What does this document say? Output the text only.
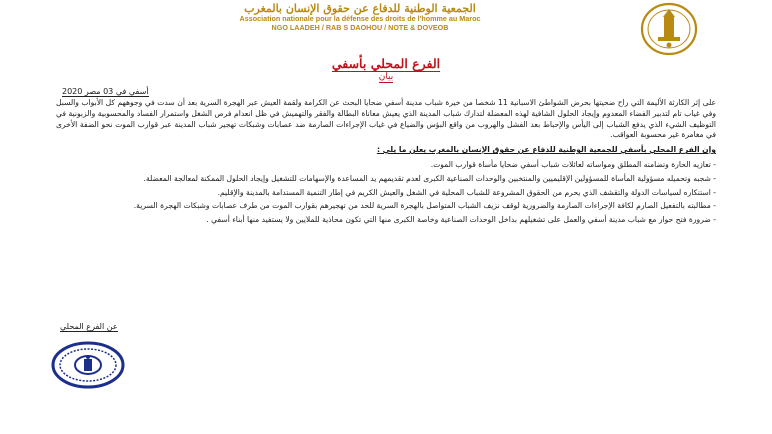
الجمعية الوطنية للدفاع عن حقوق الإنسان بالمغرب
Association nationale pour la défense des droits de l'homme au Maroc
NGO LAADEH / RAB S DAOHOU / NOTE & DOVEOB
الفرع المحلي بأسفي
بيان
أسفي في 03 مصر 2020

على إثر الكارثة الأليمة التي راح ضحيتها بحرض الشواطئ الاسبانية 11 شخصا من خيرة شباب مدينة أسفي ضحايا البحث عن الكرامة ولقمة العيش عبر الهجرة السرية بعد أن سدت في وجوههم كل الأبواب والسبل وفي غياب تام لتدبير الفضاء المعدوم وإيجاد الحلول الشافية لهذه المعضلة لتدارك شباب المدينة الذي يعيش معاناة البطالة والفقر والتهميش في ظل انعدام فرص الشغل واستمرار الفساد والمحسوبية والزبونية في التوظيف الشيء الذي يدفع الشباب إلى اليأس والإحباط بعد الفشل والهروب من واقع البؤس والضياع في غياب الإجراءات الصارمة ضد عصابات وشبكات تهجير شباب المدينة عبر قوارب الموت نحو الضفة الأخرى في مغامرة غير محسوبة العواقب.

وإن الفرع المحلي بأسفي للجمعية الوطنية للدفاع عن حقوق الإنسان بالمغرب يعلن ما يلي :

- تعازيه الحارة وتضامنه المطلق ومواساته لعائلات شباب أسفي ضحايا مأساة قوارب الموت.

- شجبه وتحميله مسؤولية المأساة للمسؤولين الإقليميين والمنتخبين والوحدات الصناعية الكبرى لعدم تقديمهم يد المساعدة والإسهامات للتشغيل وإيجاد الحلول الممكنة لمعالجة المعضلة.

- استنكاره لسياسات الدولة والتقشف الذي يحرم من الحقوق المشروعة للشباب المحلية في الشغل والعيش الكريم في إطار التنمية المستدامة بالمدينة والإقليم.

- مطالبته بالتفعيل الصارم لكافة الإجراءات الصارمة والضرورية لوقف نزيف الشباب المتواصل بالهجرة السرية للحد من تهجيرهم بقوارب الموت من طرف عصابات وشبكات الهجرة السرية.

- ضرورة فتح حوار مع شباب مدينة أسفي والعمل على تشغيلهم بداخل الوحدات الصناعية وخاصة الكبرى منها التي تكون محاذية للملايين ولا يستفيد منها أبناء أسفي .

عن الفرع المحلي
